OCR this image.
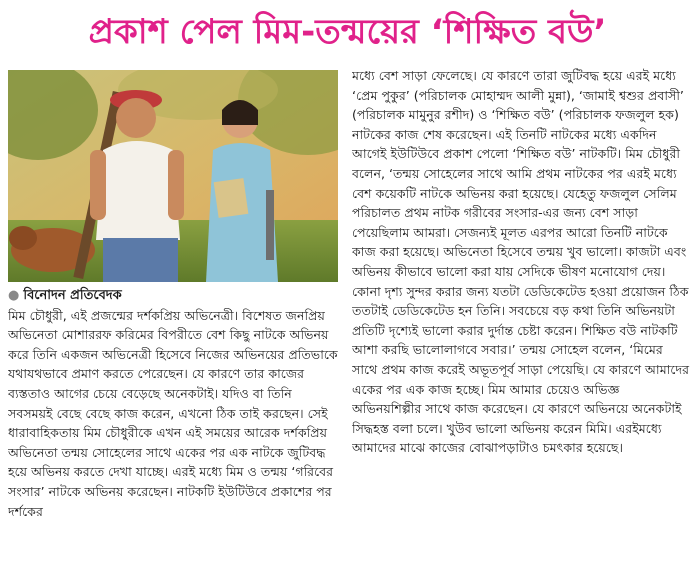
প্রকাশ পেল মিম-তন্ময়ের ‘শিক্ষিত বউ’
● বিনোদন প্রতিবেদক

মিম চৌধুরী, এই প্রজন্মের দর্শকপ্রিয় অভিনেত্রী। বিশেষত জনপ্রিয় অভিনেতা মোশাররফ করিমের বিপরীতে বেশ কিছু নাটকে অভিনয় করে তিনি একজন অভিনেত্রী হিসেবে নিজের অভিনয়ের প্রতিভাকে যথাযথভাবে প্রমাণ করতে পেরেছেন। যে কারণে তার কাজের ব্যস্ততাও আগের চেয়ে বেড়েছে অনেকটাই। যদিও বা তিনি সবসময়ই বেছে বেছে কাজ করেন, এখনো ঠিক তাই করছেন। সেই ধারাবাহিকতায় মিম চৌধুরীকে এখন এই সময়ের আরেক দর্শকপ্রিয় অভিনেতা তন্ময় সোহেলের সাথে একের পর এক নাটকে জুটিবদ্ধ হয়ে অভিনয় করতে দেখা যাচ্ছে। এরই মধ্যে মিম ও তন্ময় ‘গরিবের সংসার’ নাটকে অভিনয় করেছেন। নাটকটি ইউটিউবে প্রকাশের পর দর্শকের

মধ্যে বেশ সাড়া ফেলেছে। যে কারণে তারা জুটিবদ্ধ হয়ে এরই মধ্যে ‘প্রেম পুকুর’ (পরিচালক মোহাম্মদ আলী মুন্না), ‘জামাই শ্বশুর প্রবাসী’ (পরিচালক মামুনুর রশীদ) ও ‘শিক্ষিত বউ’ (পরিচালক ফজলুল হক) নাটকের কাজ শেষ করেছেন। এই তিনটি নাটকের মধ্যে একদিন আগেই ইউটিউবে প্রকাশ পেলো ‘শিক্ষিত বউ’ নাটকটি। মিম চৌধুরী বলেন, ‘তন্ময় সোহেলের সাথে আমি প্রথম নাটকের পর এরই মধ্যে বেশ কয়েকটি নাটকে অভিনয় করা হয়েছে। যেহেতু ফজলুল সেলিম পরিচালত প্রথম নাটক গরীবের সংসার-এর জন্য বেশ সাড়া পেয়েছিলাম আমরা। সেজন্যই মূলত এরপর আরো তিনটি নাটকে কাজ করা হয়েছে। অভিনেতা হিসেবে তন্ময় খুব ভালো। কাজটা এবং অভিনয় কীভাবে ভালো করা যায় সেদিকে ভীষণ মনোযোগ দেয়। কোনা দৃশ্য সুন্দর করার জন্য যতটা ডেডিকেটেড হওয়া প্রয়োজন ঠিক ততটাই ডেডিকেটেড হন তিনি। সবচেয়ে বড় কথা তিনি অভিনয়টা প্রতিটি দৃশ্যেই ভালো করার দুর্দান্ত চেষ্টা করেন। শিক্ষিত বউ নাটকটি আশা করছি ভালোলাগবে সবার।’ তন্ময় সোহেল বলেন, ‘মিমের সাথে প্রথম কাজ করেই অভূতপূর্ব সাড়া পেয়েছি। যে কারণে আমাদের একের পর এক কাজ হচ্ছে। মিম আমার চেয়েও অভিজ্ঞ অভিনয়শিল্পীর সাথে কাজ করেছেন। যে কারণে অভিনয়ে অনেকটাই সিদ্ধহস্ত বলা চলে। খুউব ভালো অভিনয় করেন মিমি। এরইমধ্যে আমাদের মাঝে কাজের বোঝাপড়াটাও চমৎকার হয়েছে।
